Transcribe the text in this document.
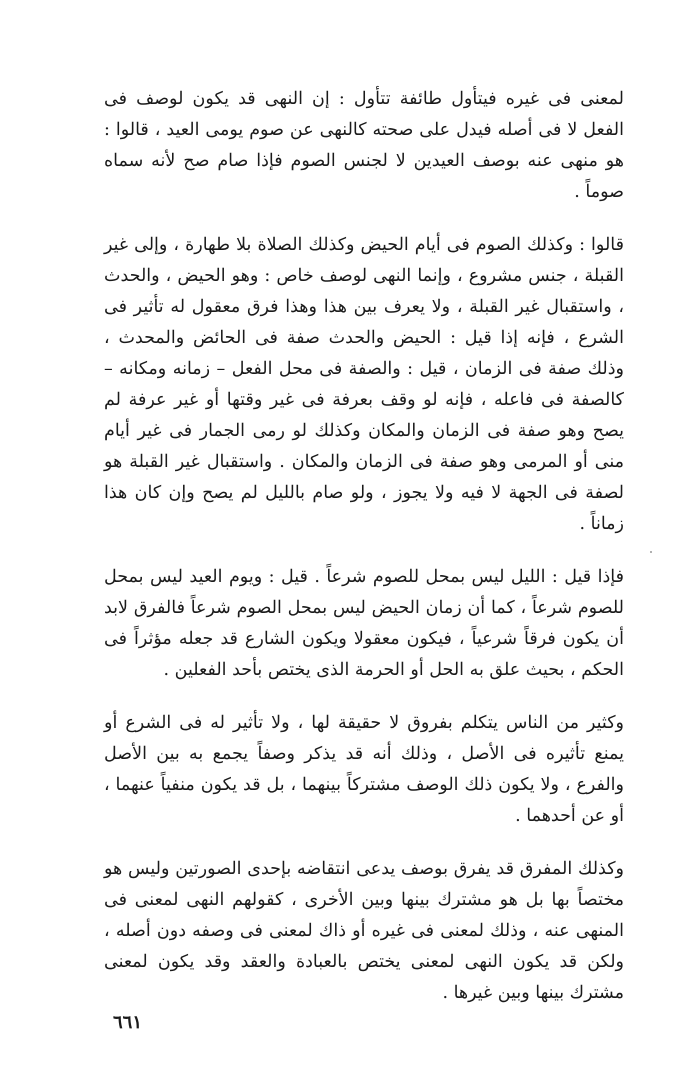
لمعنى فى غيره فيتأول طائفة تتأول : إن النهى قد يكون لوصف فى الفعل لا فى أصله فيدل على صحته كالنهى عن صوم يومى العيد ، قالوا : هو منهى عنه بوصف العيدين لا لجنس الصوم فإذا صام صح لأنه سماه صوماً .

قالوا : وكذلك الصوم فى أيام الحيض وكذلك الصلاة بلا طهارة ، وإلى غير القبلة ، جنس مشروع ، وإنما النهى لوصف خاص : وهو الحيض ، والحدث ، واستقبال غير القبلة ، ولا يعرف بين هذا وهذا فرق معقول له تأثير فى الشرع ، فإنه إذا قيل : الحيض والحدث صفة فى الحائض والمحدث ، وذلك صفة فى الزمان ، قيل : والصفة فى محل الفعل – زمانه ومكانه – كالصفة فى فاعله ، فإنه لو وقف بعرفة فى غير وقتها أو غير عرفة لم يصح وهو صفة فى الزمان والمكان وكذلك لو رمى الجمار فى غير أيام منى أو المرمى وهو صفة فى الزمان والمكان . واستقبال غير القبلة هو لصفة فى الجهة لا فيه ولا يجوز ، ولو صام بالليل لم يصح وإن كان هذا زماناً .

فإذا قيل : الليل ليس بمحل للصوم شرعاً . قيل : ويوم العيد ليس بمحل للصوم شرعاً ، كما أن زمان الحيض ليس بمحل الصوم شرعاً فالفرق لابد أن يكون فرقاً شرعياً ، فيكون معقولا ويكون الشارع قد جعله مؤثراً فى الحكم ، بحيث علق به الحل أو الحرمة الذى يختص بأحد الفعلين .

وكثير من الناس يتكلم بفروق لا حقيقة لها ، ولا تأثير له فى الشرع أو يمنع تأثيره فى الأصل ، وذلك أنه قد يذكر وصفاً يجمع به بين الأصل والفرع ، ولا يكون ذلك الوصف مشتركاً بينهما ، بل قد يكون منفياً عنهما ، أو عن أحدهما .

وكذلك المفرق قد يفرق بوصف يدعى انتقاضه بإحدى الصورتين وليس هو مختصاً بها بل هو مشترك بينها وبين الأخرى ، كقولهم النهى لمعنى فى المنهى عنه ، وذلك لمعنى فى غيره أو ذاك لمعنى فى وصفه دون أصله ، ولكن قد يكون النهى لمعنى يختص بالعبادة والعقد وقد يكون لمعنى مشترك بينها وبين غيرها .

٦٦١
